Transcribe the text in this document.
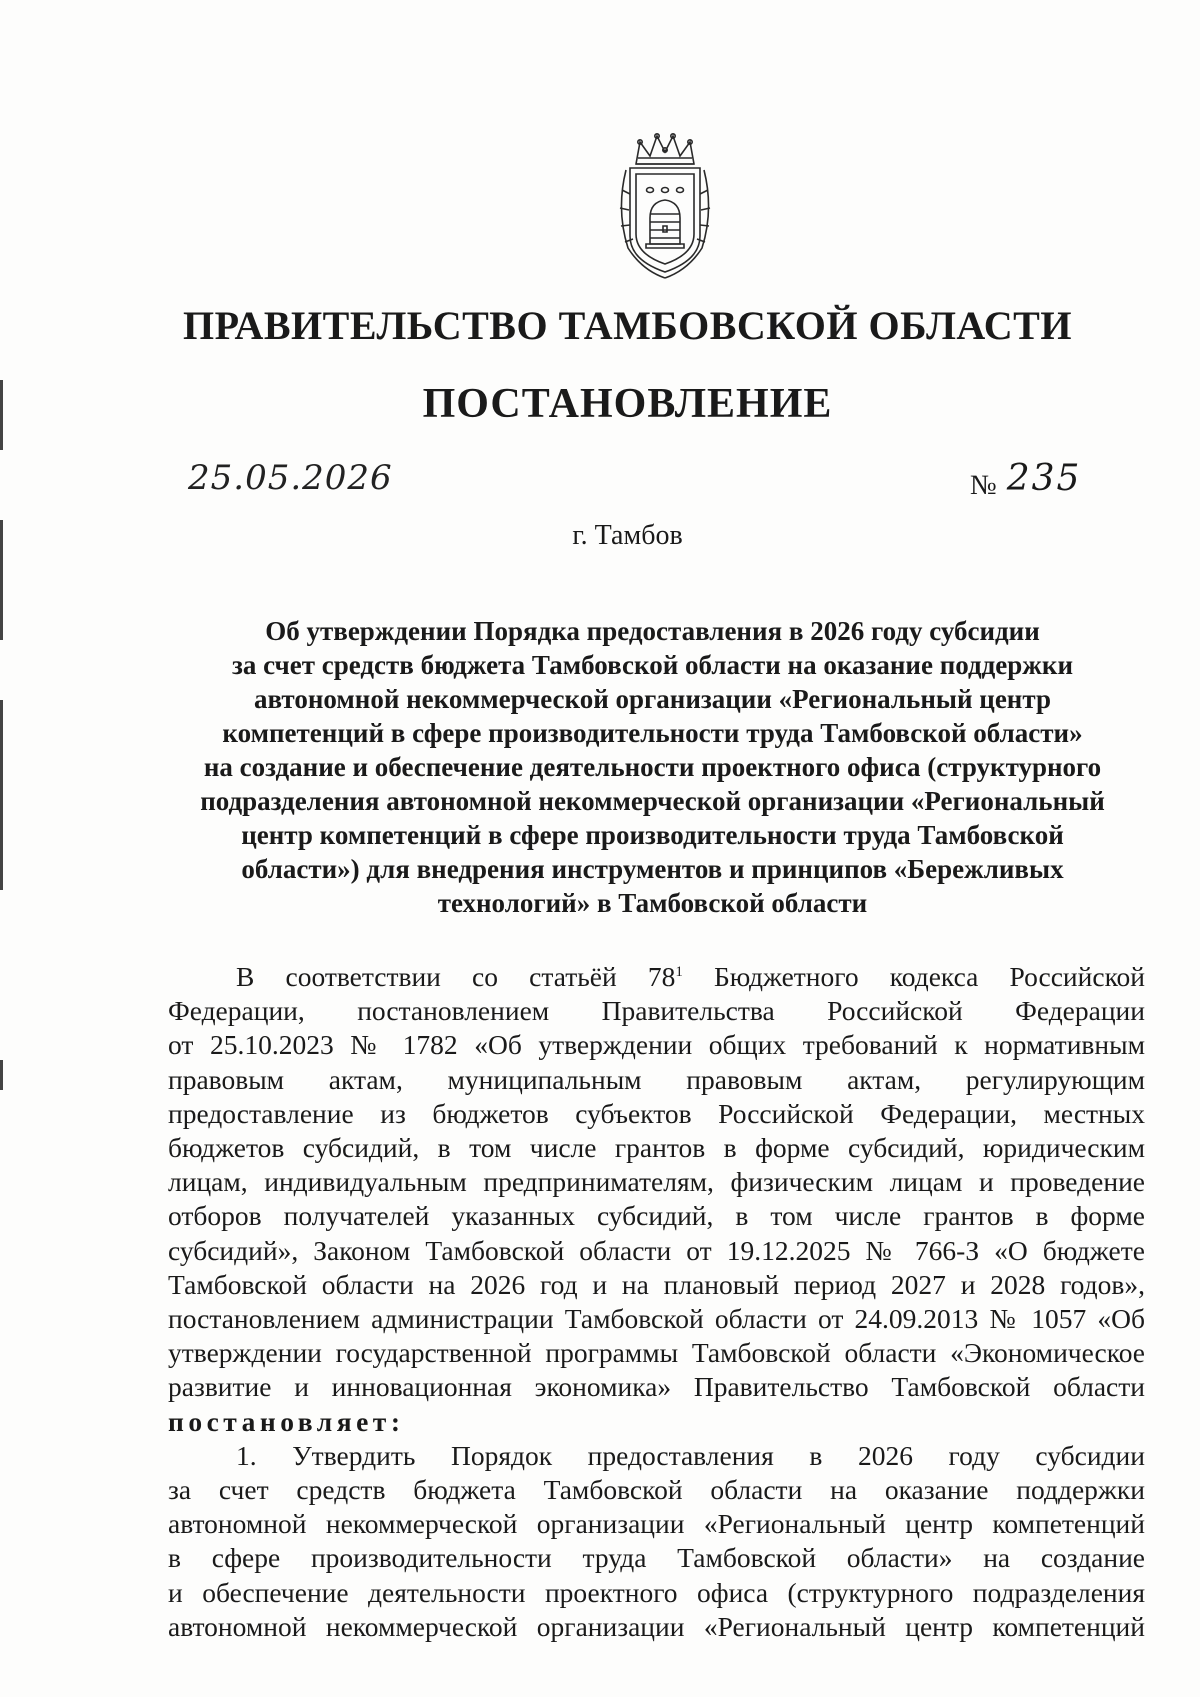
ПРАВИТЕЛЬСТВО ТАМБОВСКОЙ ОБЛАСТИ
ПОСТАНОВЛЕНИЕ
25.05.2026	№ 235
г. Тамбов
Об утверждении Порядка предоставления в 2026 году субсидии
за счет средств бюджета Тамбовской области на оказание поддержки
автономной некоммерческой организации «Региональный центр
компетенций в сфере производительности труда Тамбовской области»
на создание и обеспечение деятельности проектного офиса (структурного
подразделения автономной некоммерческой организации «Региональный
центр компетенций в сфере производительности труда Тамбовской
области») для внедрения инструментов и принципов «Бережливых
технологий» в Тамбовской области
В соответствии со статьёй $78^1$ Бюджетного кодекса Российской
Федерации, постановлением Правительства Российской Федерации
от 25.10.2023 № 1782 «Об утверждении общих требований к нормативным
правовым актам, муниципальным правовым актам, регулирующим
предоставление из бюджетов субъектов Российской Федерации, местных
бюджетов субсидий, в том числе грантов в форме субсидий, юридическим
лицам, индивидуальным предпринимателям, физическим лицам и проведение
отборов получателей указанных субсидий, в том числе грантов в форме
субсидий», Законом Тамбовской области от 19.12.2025 № 766-З «О бюджете
Тамбовской области на 2026 год и на плановый период 2027 и 2028 годов»,
постановлением администрации Тамбовской области от 24.09.2013 № 1057 «Об
утверждении государственной программы Тамбовской области «Экономическое
развитие и инновационная экономика» Правительство Тамбовской области
постановляет:
1. Утвердить Порядок предоставления в 2026 году субсидии
за счет средств бюджета Тамбовской области на оказание поддержки
автономной некоммерческой организации «Региональный центр компетенций
в сфере производительности труда Тамбовской области» на создание
и обеспечение деятельности проектного офиса (структурного подразделения
автономной некоммерческой организации «Региональный центр компетенций
